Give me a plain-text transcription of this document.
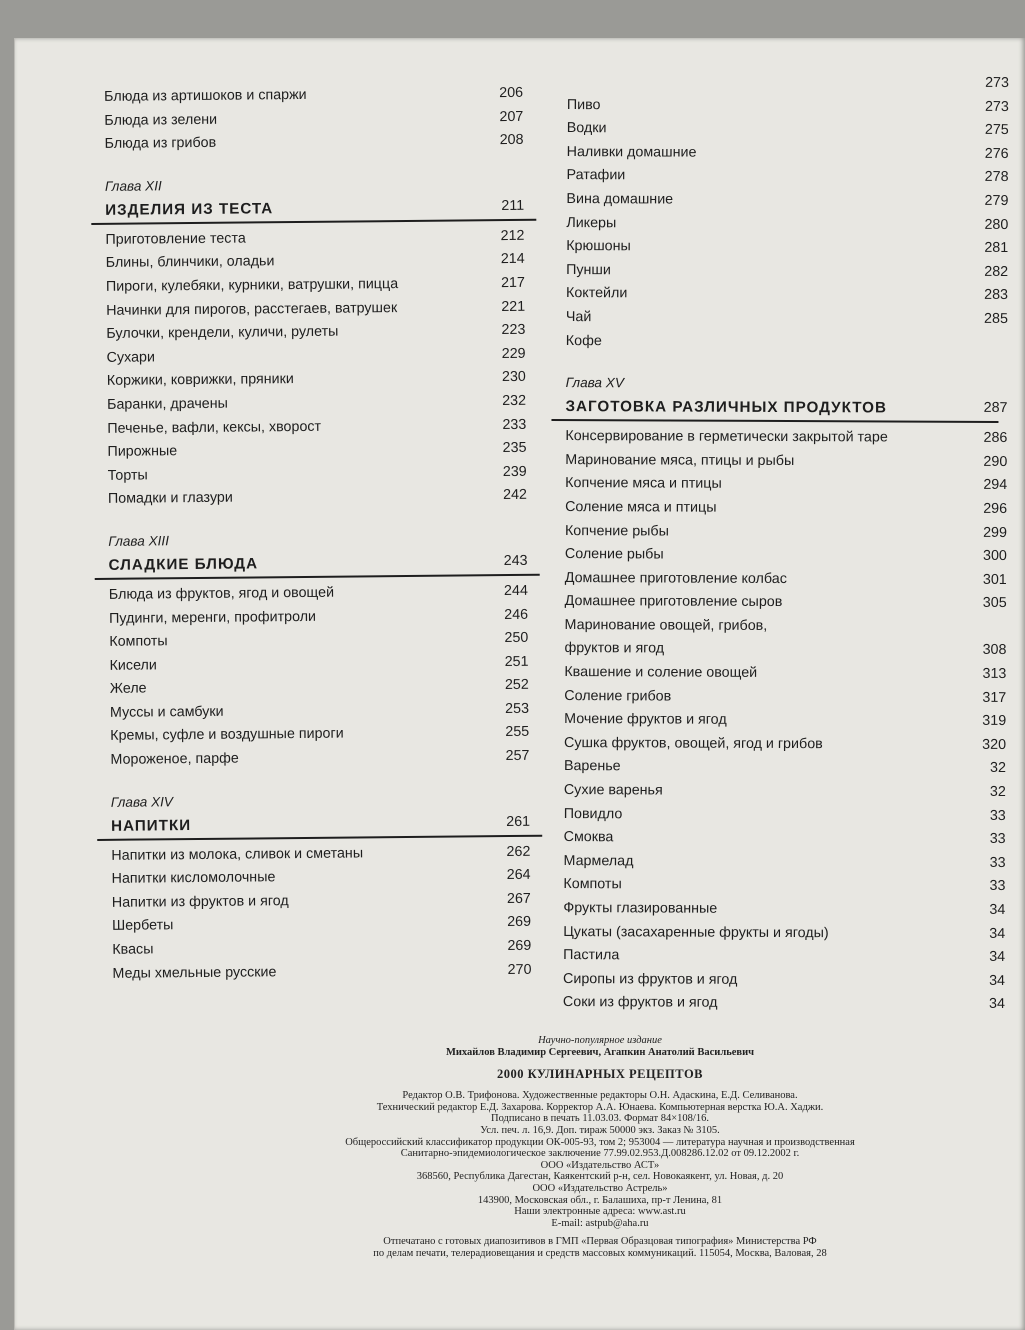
Блюда из артишоков и спаржи	206
Блюда из зелени	207
Блюда из грибов	208
Глава XII
ИЗДЕЛИЯ ИЗ ТЕСТА	211
Приготовление теста	212
Блины, блинчики, оладьи	214
Пироги, кулебяки, курники, ватрушки, пицца	217
Начинки для пирогов, расстегаев, ватрушек	221
Булочки, крендели, куличи, рулеты	223
Сухари	229
Коржики, коврижки, пряники	230
Баранки, драчены	232
Печенье, вафли, кексы, хворост	233
Пирожные	235
Торты	239
Помадки и глазури	242
Глава XIII
СЛАДКИЕ БЛЮДА	243
Блюда из фруктов, ягод и овощей	244
Пудинги, меренги, профитроли	246
Компоты	250
Кисели	251
Желе	252
Муссы и самбуки	253
Кремы, суфле и воздушные пироги	255
Мороженое, парфе	257
Глава XIV
НАПИТКИ	261
Напитки из молока, сливок и сметаны	262
Напитки кисломолочные	264
Напитки из фруктов и ягод	267
Шербеты	269
Квасы	269
Меды хмельные русские	270
273
Пиво	273
Водки	275
Наливки домашние	276
Ратафии	278
Вина домашние	279
Ликеры	280
Крюшоны	281
Пунши	282
Коктейли	283
Чай	285
Кофе
Глава XV
ЗАГОТОВКА РАЗЛИЧНЫХ ПРОДУКТОВ	287
Консервирование в герметически закрытой таре	286
Маринование мяса, птицы и рыбы	290
Копчение мяса и птицы	294
Соление мяса и птицы	296
Копчение рыбы	299
Соление рыбы	300
Домашнее приготовление колбас	301
Домашнее приготовление сыров	305
Маринование овощей, грибов,
фруктов и ягод	308
Квашение и соление овощей	313
Соление грибов	317
Мочение фруктов и ягод	319
Сушка фруктов, овощей, ягод и грибов	320
Варенье	32
Сухие варенья	32
Повидло	33
Смоква	33
Мармелад	33
Компоты	33
Фрукты глазированные	34
Цукаты (засахаренные фрукты и ягоды)	34
Пастила	34
Сиропы из фруктов и ягод	34
Соки из фруктов и ягод	34
Научно-популярное издание
Михайлов Владимир Сергеевич, Агапкин Анатолий Васильевич
2000 КУЛИНАРНЫХ РЕЦЕПТОВ
Редактор О.В. Трифонова. Художественные редакторы О.Н. Адаскина, Е.Д. Селиванова.
Технический редактор Е.Д. Захарова. Корректор А.А. Юнаева. Компьютерная верстка Ю.А. Хаджи.
Подписано в печать 11.03.03. Формат 84×108/16.
Усл. печ. л. 16,9. Доп. тираж 50000 экз. Заказ № 3105.
Общероссийский классификатор продукции ОК-005-93, том 2; 953004 — литература научная и производственная
Санитарно-эпидемиологическое заключение 77.99.02.953.Д.008286.12.02 от 09.12.2002 г.
ООО «Издательство АСТ»
368560, Республика Дагестан, Каякентский р-н, сел. Новокаякент, ул. Новая, д. 20
ООО «Издательство Астрель»
143900, Московская обл., г. Балашиха, пр-т Ленина, 81
Наши электронные адреса: www.ast.ru
E-mail: astpub@aha.ru
Отпечатано с готовых диапозитивов в ГМП «Первая Образцовая типография» Министерства РФ
по делам печати, телерадиовещания и средств массовых коммуникаций. 115054, Москва, Валовая, 28
